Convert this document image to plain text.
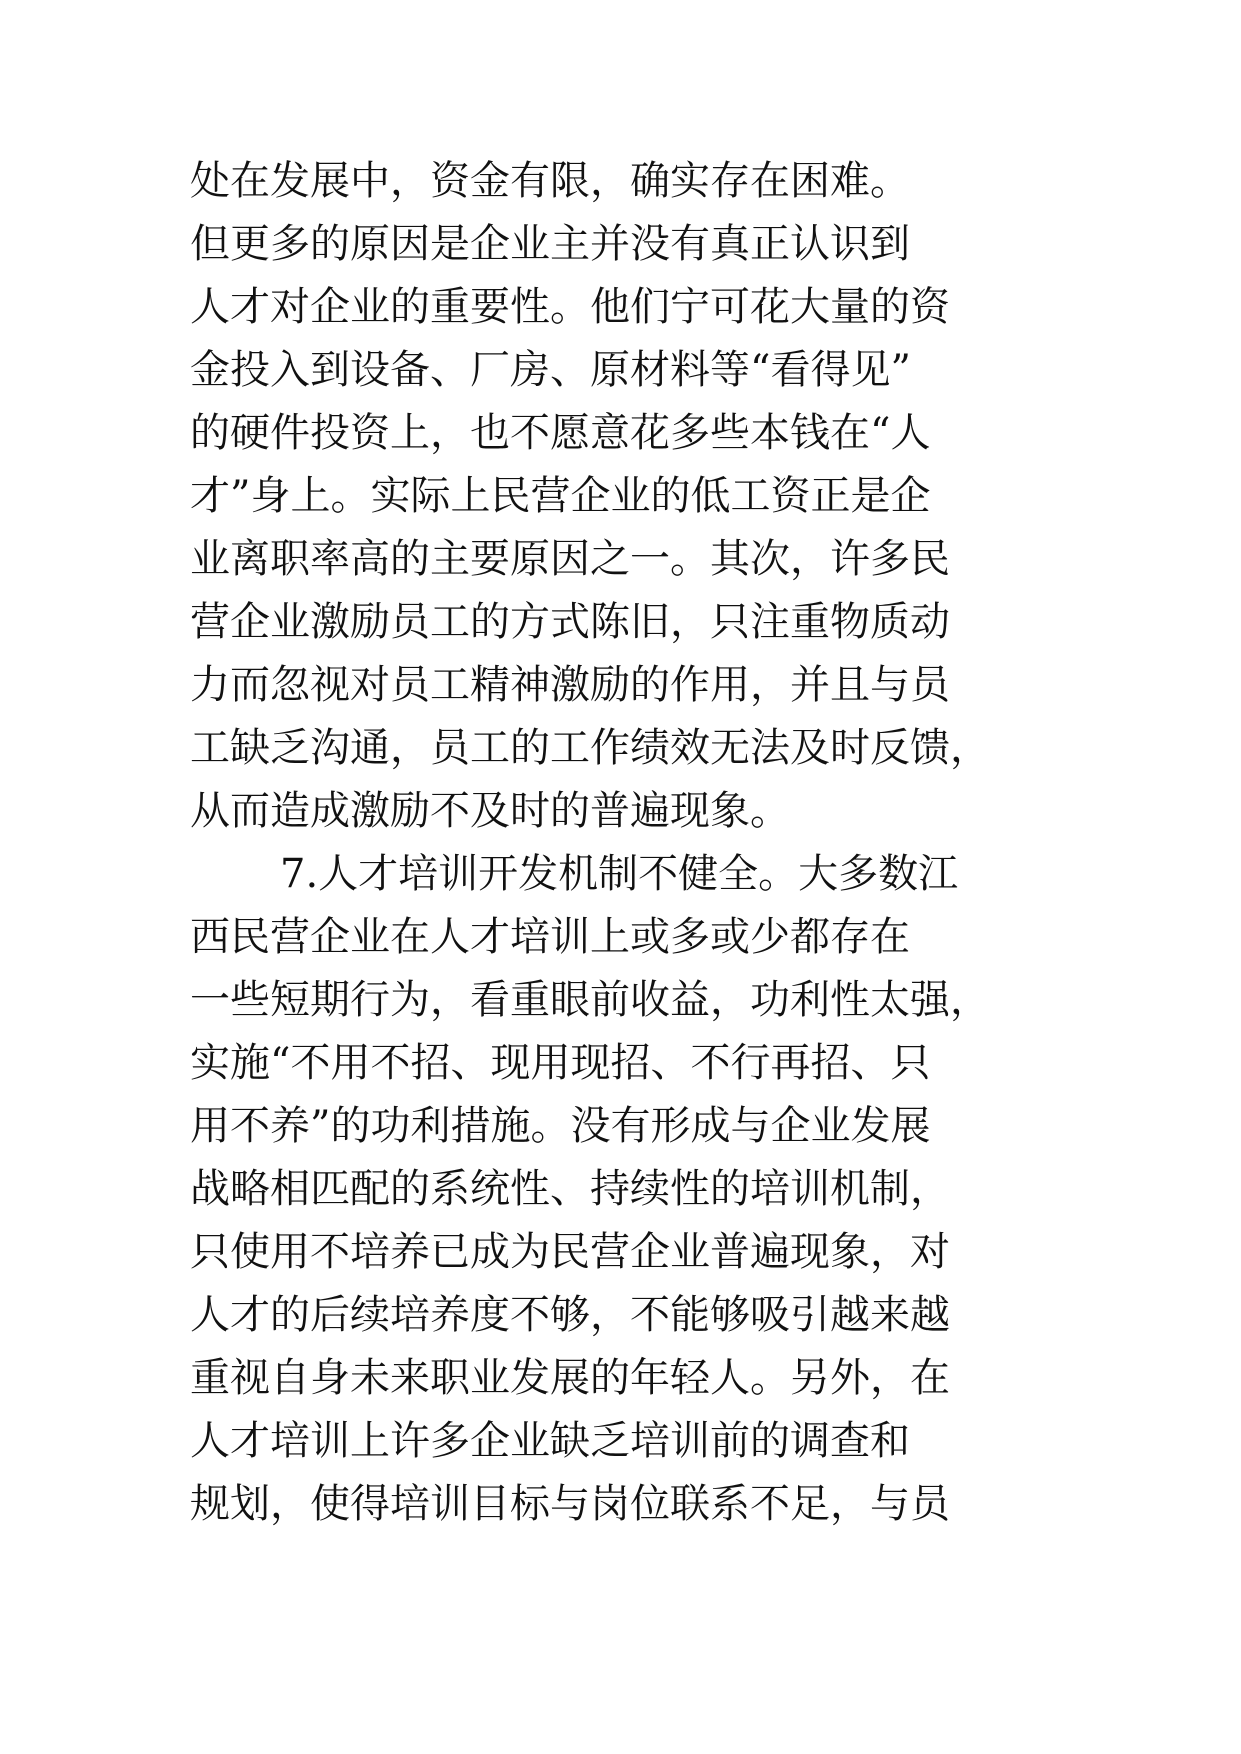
处在发展中，资金有限，确实存在困难。
但更多的原因是企业主并没有真正认识到
人才对企业的重要性。他们宁可花大量的资
金投入到设备、厂房、原材料等“看得见”
的硬件投资上，也不愿意花多些本钱在“人
才”身上。实际上民营企业的低工资正是企
业离职率高的主要原因之一。其次，许多民
营企业激励员工的方式陈旧，只注重物质动
力而忽视对员工精神激励的作用，并且与员
工缺乏沟通，员工的工作绩效无法及时反馈，
从而造成激励不及时的普遍现象。
7.人才培训开发机制不健全。大多数江
西民营企业在人才培训上或多或少都存在
一些短期行为，看重眼前收益，功利性太强，
实施“不用不招、现用现招、不行再招、只
用不养”的功利措施。没有形成与企业发展
战略相匹配的系统性、持续性的培训机制，
只使用不培养已成为民营企业普遍现象，对
人才的后续培养度不够，不能够吸引越来越
重视自身未来职业发展的年轻人。另外，在
人才培训上许多企业缺乏培训前的调查和
规划，使得培训目标与岗位联系不足，与员
